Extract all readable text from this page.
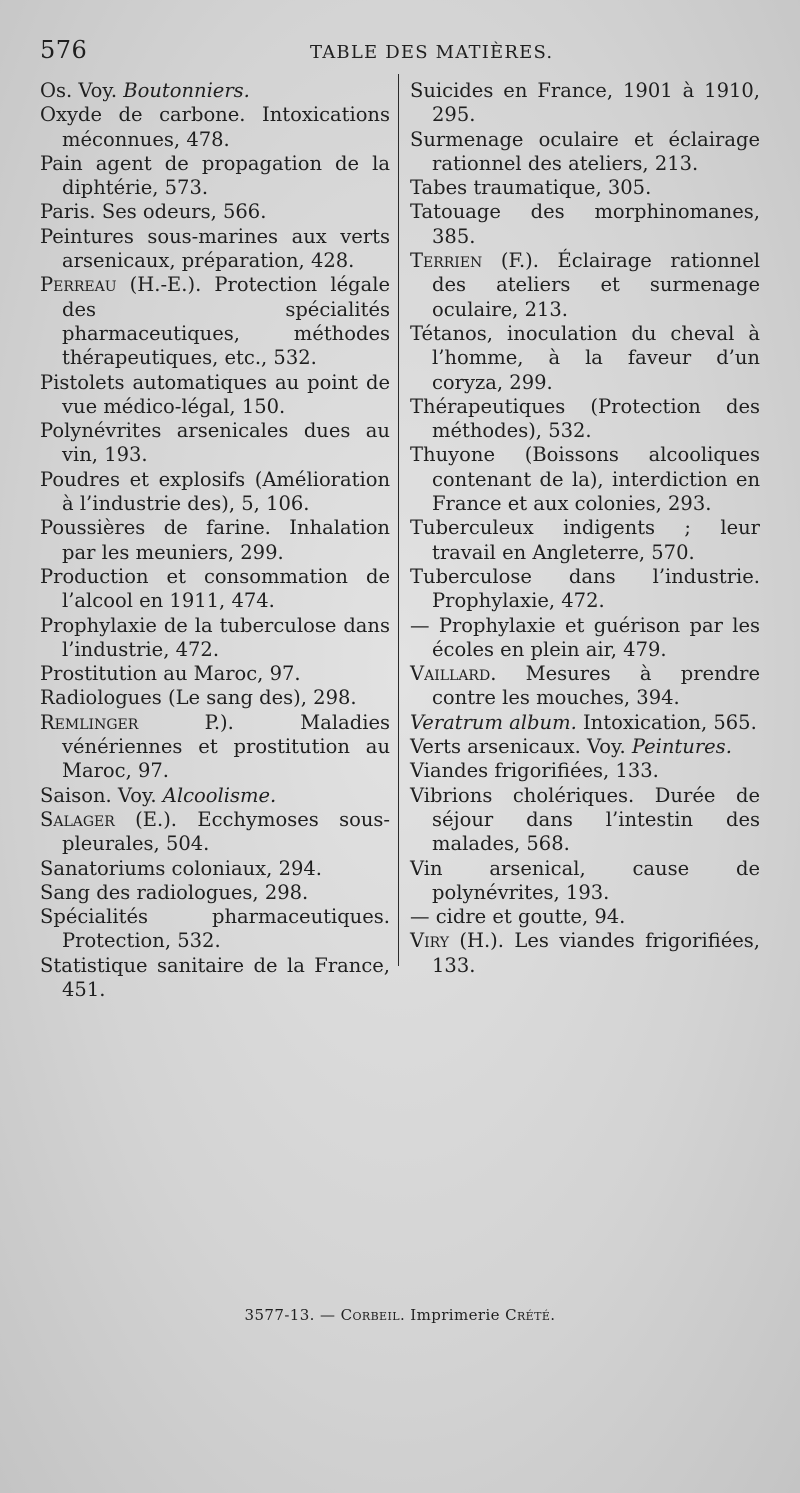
576	TABLE DES MATIÈRES.

Os. Voy. Boutonniers.

Oxyde de carbone. Intoxications méconnues, 478.

Pain agent de propagation de la diphtérie, 573.

Paris. Ses odeurs, 566.

Peintures sous-marines aux verts arsenicaux, préparation, 428.

Perreau (H.-E.). Protection légale des spécialités pharmaceutiques, méthodes thérapeutiques, etc., 532.

Pistolets automatiques au point de vue médico-légal, 150.

Polynévrites arsenicales dues au vin, 193.

Poudres et explosifs (Amélioration à l’industrie des), 5, 106.

Poussières de farine. Inhalation par les meuniers, 299.

Production et consommation de l’alcool en 1911, 474.

Prophylaxie de la tuberculose dans l’industrie, 472.

Prostitution au Maroc, 97.

Radiologues (Le sang des), 298.

Remlinger P.). Maladies vénériennes et prostitution au Maroc, 97.

Saison. Voy. Alcoolisme.

Salager (E.). Ecchymoses sous-pleurales, 504.

Sanatoriums coloniaux, 294.

Sang des radiologues, 298.

Spécialités pharmaceutiques. Protection, 532.

Statistique sanitaire de la France, 451.

Suicides en France, 1901 à 1910, 295.

Surmenage oculaire et éclairage rationnel des ateliers, 213.

Tabes traumatique, 305.

Tatouage des morphinomanes, 385.

Terrien (F.). Éclairage rationnel des ateliers et surmenage oculaire, 213.

Tétanos, inoculation du cheval à l’homme, à la faveur d’un coryza, 299.

Thérapeutiques (Protection des méthodes), 532.

Thuyone (Boissons alcooliques contenant de la), interdiction en France et aux colonies, 293.

Tuberculeux indigents ; leur travail en Angleterre, 570.

Tuberculose dans l’industrie. Prophylaxie, 472.

— Prophylaxie et guérison par les écoles en plein air, 479.

Vaillard. Mesures à prendre contre les mouches, 394.

Veratrum album. Intoxication, 565.

Verts arsenicaux. Voy. Peintures.

Viandes frigorifiées, 133.

Vibrions cholériques. Durée de séjour dans l’intestin des malades, 568.

Vin arsenical, cause de polynévrites, 193.

— cidre et goutte, 94.

Viry (H.). Les viandes frigorifiées, 133.

3577-13. — Corbeil. Imprimerie Crété.
